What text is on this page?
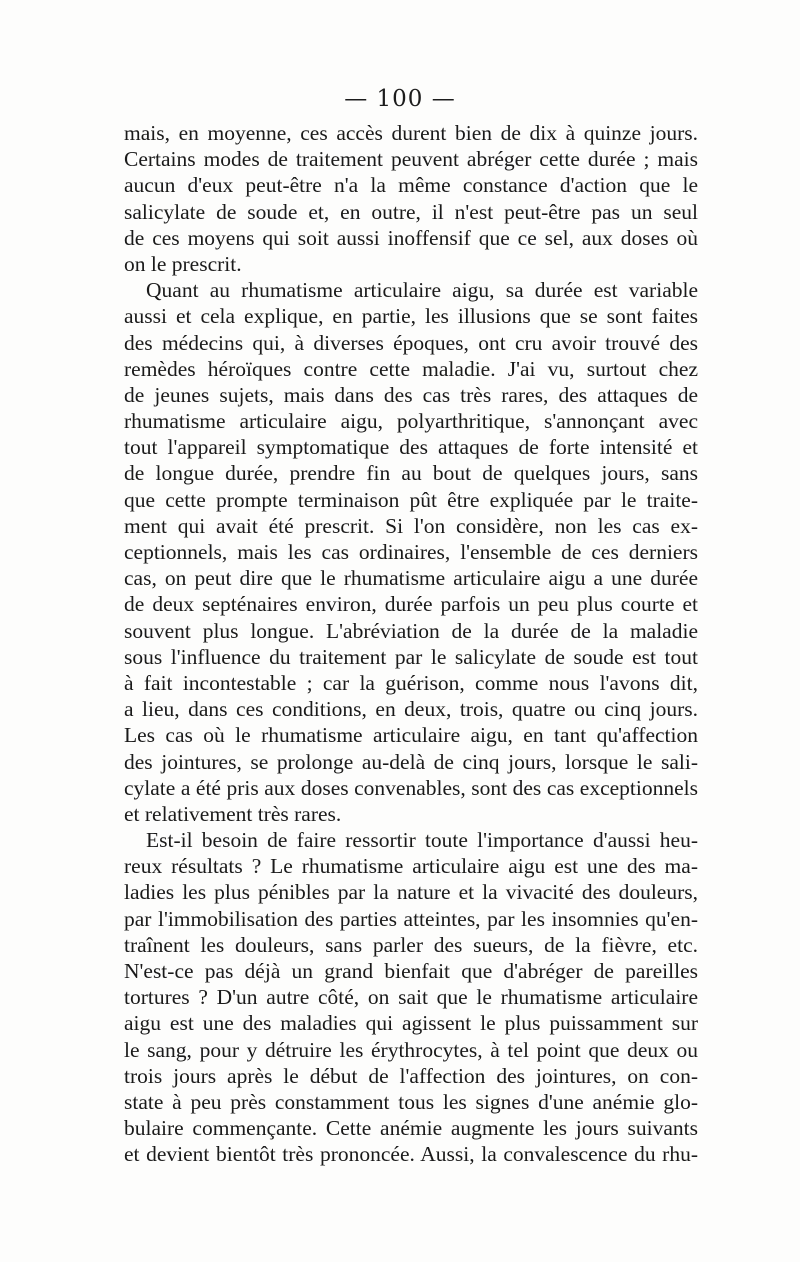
— 100 —
mais, en moyenne, ces accès durent bien de dix à quinze jours.
Certains modes de traitement peuvent abréger cette durée ; mais
aucun d'eux peut-être n'a la même constance d'action que le
salicylate de soude et, en outre, il n'est peut-être pas un seul
de ces moyens qui soit aussi inoffensif que ce sel, aux doses où
on le prescrit.
Quant au rhumatisme articulaire aigu, sa durée est variable
aussi et cela explique, en partie, les illusions que se sont faites
des médecins qui, à diverses époques, ont cru avoir trouvé des
remèdes héroïques contre cette maladie. J'ai vu, surtout chez
de jeunes sujets, mais dans des cas très rares, des attaques de
rhumatisme articulaire aigu, polyarthritique, s'annonçant avec
tout l'appareil symptomatique des attaques de forte intensité et
de longue durée, prendre fin au bout de quelques jours, sans
que cette prompte terminaison pût être expliquée par le traite-
ment qui avait été prescrit. Si l'on considère, non les cas ex-
ceptionnels, mais les cas ordinaires, l'ensemble de ces derniers
cas, on peut dire que le rhumatisme articulaire aigu a une durée
de deux septénaires environ, durée parfois un peu plus courte et
souvent plus longue. L'abréviation de la durée de la maladie
sous l'influence du traitement par le salicylate de soude est tout
à fait incontestable ; car la guérison, comme nous l'avons dit,
a lieu, dans ces conditions, en deux, trois, quatre ou cinq jours.
Les cas où le rhumatisme articulaire aigu, en tant qu'affection
des jointures, se prolonge au-delà de cinq jours, lorsque le sali-
cylate a été pris aux doses convenables, sont des cas exceptionnels
et relativement très rares.
Est-il besoin de faire ressortir toute l'importance d'aussi heu-
reux résultats ? Le rhumatisme articulaire aigu est une des ma-
ladies les plus pénibles par la nature et la vivacité des douleurs,
par l'immobilisation des parties atteintes, par les insomnies qu'en-
traînent les douleurs, sans parler des sueurs, de la fièvre, etc.
N'est-ce pas déjà un grand bienfait que d'abréger de pareilles
tortures ? D'un autre côté, on sait que le rhumatisme articulaire
aigu est une des maladies qui agissent le plus puissamment sur
le sang, pour y détruire les érythrocytes, à tel point que deux ou
trois jours après le début de l'affection des jointures, on con-
state à peu près constamment tous les signes d'une anémie glo-
bulaire commençante. Cette anémie augmente les jours suivants
et devient bientôt très prononcée. Aussi, la convalescence du rhu-
